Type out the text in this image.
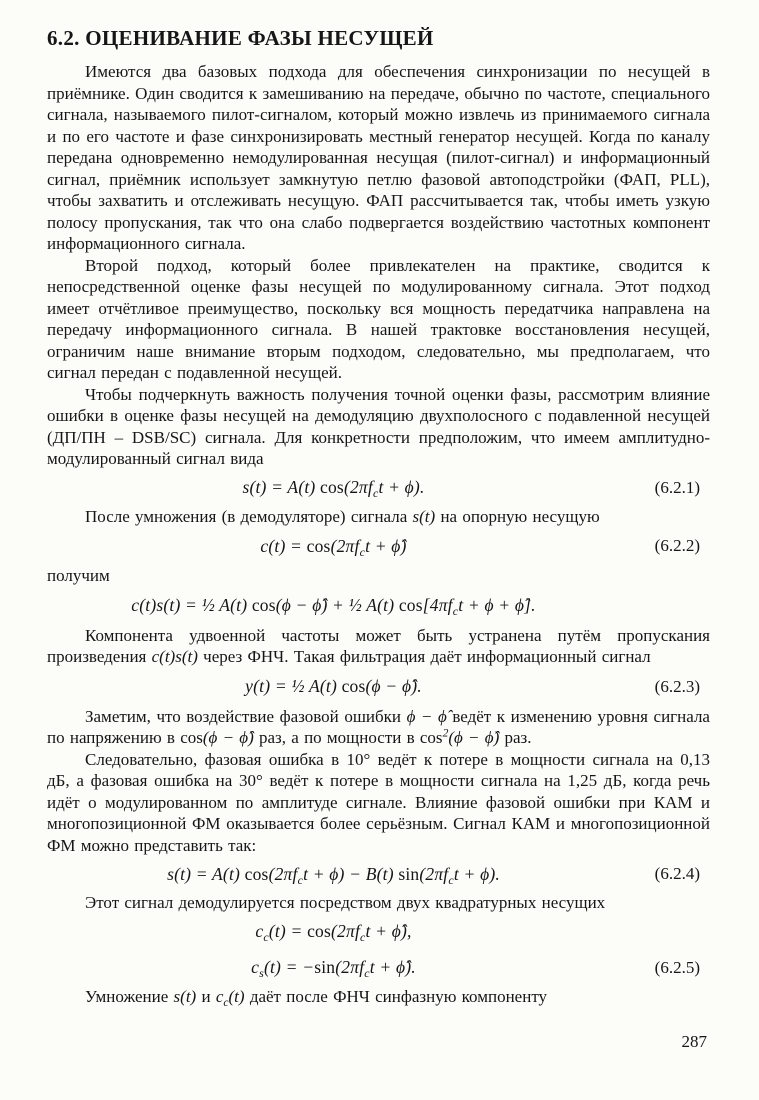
6.2. ОЦЕНИВАНИЕ ФАЗЫ НЕСУЩЕЙ

Имеются два базовых подхода для обеспечения синхронизации по несущей в приёмнике. Один сводится к замешиванию на передаче, обычно по частоте, специального сигнала, называемого пилот-сигналом, который можно извлечь из принимаемого сигнала и по его частоте и фазе синхронизировать местный генератор несущей. Когда по каналу передана одновременно немодулированная несущая (пилот-сигнал) и информационный сигнал, приёмник использует замкнутую петлю фазовой автоподстройки (ФАП, PLL), чтобы захватить и отслеживать несущую. ФАП рассчитывается так, чтобы иметь узкую полосу пропускания, так что она слабо подвергается воздействию частотных компонент информационного сигнала.

Второй подход, который более привлекателен на практике, сводится к непосредственной оценке фазы несущей по модулированному сигнала. Этот подход имеет отчётливое преимущество, поскольку вся мощность передатчика направлена на передачу информационного сигнала. В нашей трактовке восстановления несущей, ограничим наше внимание вторым подходом, следовательно, мы предполагаем, что сигнал передан с подавленной несущей.

Чтобы подчеркнуть важность получения точной оценки фазы, рассмотрим влияние ошибки в оценке фазы несущей на демодуляцию двухполосного с подавленной несущей (ДП/ПН – DSB/SC) сигнала. Для конкретности предположим, что имеем амплитудно-модулированный сигнал вида

s(t) = A(t) $\cos(2\pi f_ct + \phi)$.	(6.2.1)

После умножения (в демодуляторе) сигнала s(t) на опорную несущую

$c(t) = \cos(2\pi f_ct$ + ϕ̂)	(6.2.2)

получим

c(t)s(t) = ½ A(t) cos(ϕ − ϕ̂) + ½ A(t) $\cos[4\pi f_ct + \phi$ + ϕ̂].

Компонента удвоенной частоты может быть устранена путём пропускания произведения c(t)s(t) через ФНЧ. Такая фильтрация даёт информационный сигнал

y(t) = ½ A(t) cos(ϕ − ϕ̂).	(6.2.3)

Заметим, что воздействие фазовой ошибки ϕ − ϕ̂ ведёт к изменению уровня сигнала по напряжению в cos(ϕ − ϕ̂) раз, а по мощности в $\cos^2(\phi$ − ϕ̂) раз.

Следовательно, фазовая ошибка в 10° ведёт к потере в мощности сигнала на 0,13 дБ, а фазовая ошибка на 30° ведёт к потере в мощности сигнала на 1,25 дБ, когда речь идёт о модулированном по амплитуде сигнале. Влияние фазовой ошибки при КАМ и многопозиционной ФМ оказывается более серьёзным. Сигнал КАМ и многопозиционной ФМ можно представить так:

s(t) = A(t) $\cos(2\pi f_ct + \phi) - B(t) \sin(2\pi f_ct + \phi)$.	(6.2.4)

Этот сигнал демодулируется посредством двух квадратурных несущих

$c_c(t) = \cos(2\pi f_ct$ + ϕ̂),
$c_s(t) = -\sin(2\pi f_ct$ + ϕ̂).	(6.2.5)

Умножение s(t) и $c_c(t)$ даёт после ФНЧ синфазную компоненту

287
